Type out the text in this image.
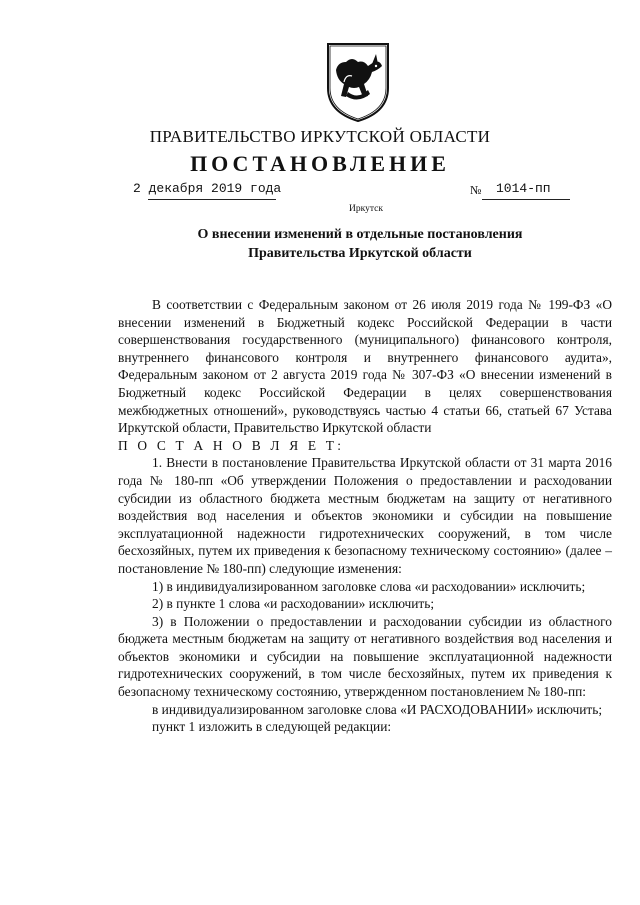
ПРАВИТЕЛЬСТВО ИРКУТСКОЙ ОБЛАСТИ
ПОСТАНОВЛЕНИЕ
2 декабря 2019 года	№ 1014-пп
Иркутск
О внесении изменений в отдельные постановления
Правительства Иркутской области

В соответствии с Федеральным законом от 26 июля 2019 года № 199-ФЗ «О внесении изменений в Бюджетный кодекс Российской Федерации в части совершенствования государственного (муниципального) финансового контроля, внутреннего финансового контроля и внутреннего финансового аудита», Федеральным законом от 2 августа 2019 года № 307-ФЗ «О внесении изменений в Бюджетный кодекс Российской Федерации в целях совершенствования межбюджетных отношений», руководствуясь частью 4 статьи 66, статьей 67 Устава Иркутской области, Правительство Иркутской области

П О С Т А Н О В Л Я Е Т:

1. Внести в постановление Правительства Иркутской области от 31 марта 2016 года № 180-пп «Об утверждении Положения о предоставлении и расходовании субсидии из областного бюджета местным бюджетам на защиту от негативного воздействия вод населения и объектов экономики и субсидии на повышение эксплуатационной надежности гидротехнических сооружений, в том числе бесхозяйных, путем их приведения к безопасному техническому состоянию» (далее – постановление № 180-пп) следующие изменения:

1) в индивидуализированном заголовке слова «и расходовании» исключить;

2) в пункте 1 слова «и расходовании» исключить;

3) в Положении о предоставлении и расходовании субсидии из областного бюджета местным бюджетам на защиту от негативного воздействия вод населения и объектов экономики и субсидии на повышение эксплуатационной надежности гидротехнических сооружений, в том числе бесхозяйных, путем их приведения к безопасному техническому состоянию, утвержденном постановлением № 180-пп:

в индивидуализированном заголовке слова «И РАСХОДОВАНИИ» исключить;

пункт 1 изложить в следующей редакции:
